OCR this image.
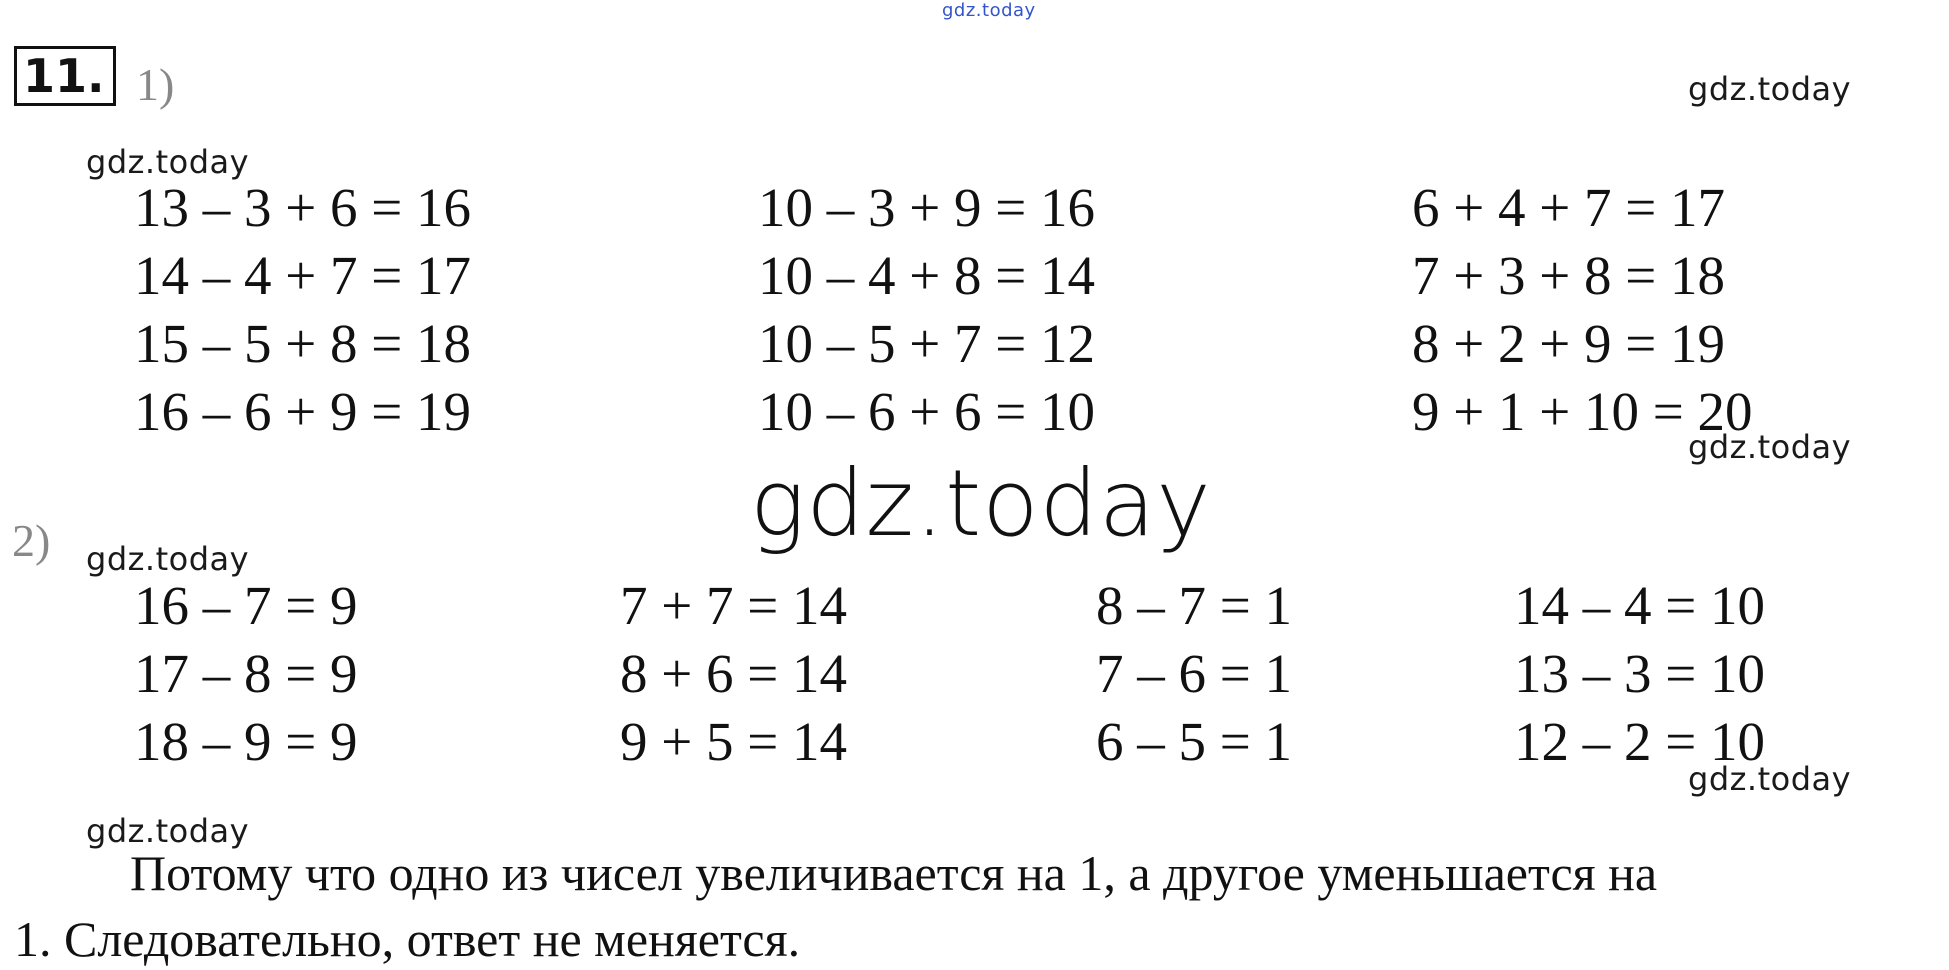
gdz.today
gdz.today
gdz.today
gdz.today
gdz.today
gdz.today
gdz.today
gdz.today
11. 1)
13 – 3 + 6 = 16
14 – 4 + 7 = 17
15 – 5 + 8 = 18
16 – 6 + 9 = 19
10 – 3 + 9 = 16
10 – 4 + 8 = 14
10 – 5 + 7 = 12
10 – 6 + 6 = 10
6 + 4 + 7 = 17
7 + 3 + 8 = 18
8 + 2 + 9 = 19
9 + 1 + 10 = 20
2)
16 – 7 = 9
17 – 8 = 9
18 – 9 = 9
7 + 7 = 14
8 + 6 = 14
9 + 5 = 14
8 – 7 = 1
7 – 6 = 1
6 – 5 = 1
14 – 4 = 10
13 – 3 = 10
12 – 2 = 10
Потому что одно из чисел увеличивается на 1, а другое уменьшается на
1. Следовательно, ответ не меняется.
